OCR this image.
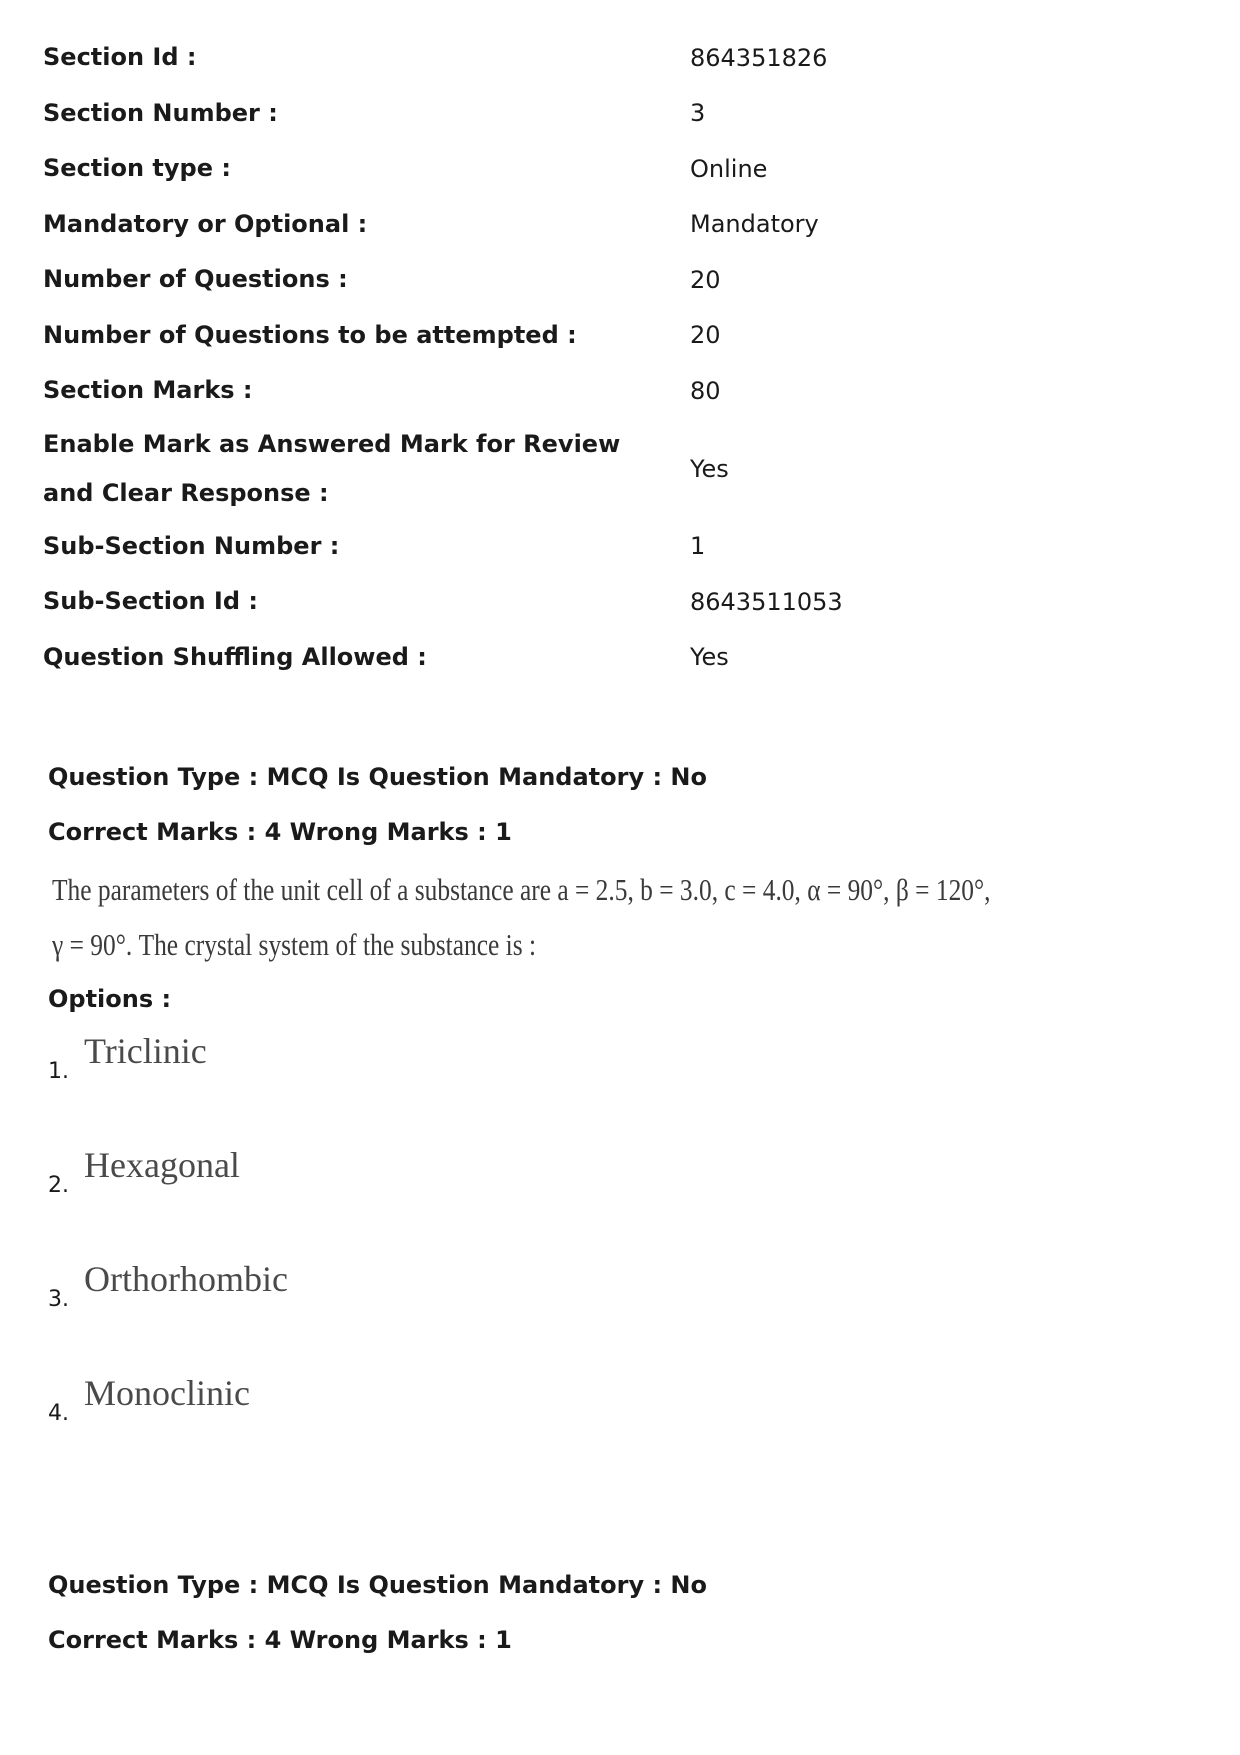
Section Id :	864351826
Section Number :	3
Section type :	Online
Mandatory or Optional :	Mandatory
Number of Questions :	20
Number of Questions to be attempted :	20
Section Marks :	80
Enable Mark as Answered Mark for Review and Clear Response :
Yes
Sub-Section Number :	1
Sub-Section Id :	8643511053
Question Shuffling Allowed :	Yes
Question Type : MCQ Is Question Mandatory : No
Correct Marks : 4 Wrong Marks : 1
The parameters of the unit cell of a substance are a = 2.5, b = 3.0, c = 4.0, α = 90°, β = 120°,
γ = 90°. The crystal system of the substance is :
Options :
1.
Triclinic
2.
Hexagonal
3.
Orthorhombic
4.
Monoclinic
Question Type : MCQ Is Question Mandatory : No
Correct Marks : 4 Wrong Marks : 1
